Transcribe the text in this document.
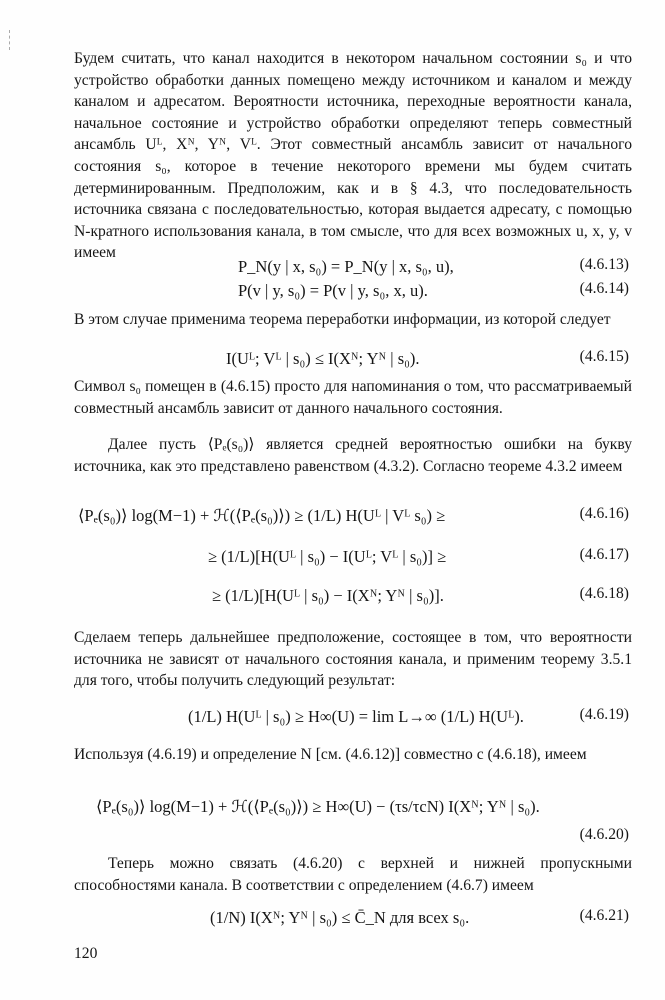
Будем считать, что канал находится в некотором начальном состоянии s₀ и что устройство обработки данных помещено между источником и каналом и между каналом и адресатом. Вероятности источника, переходные вероятности канала, начальное состояние и устройство обработки определяют теперь совместный ансамбль Uᴸ, Xᴺ, Yᴺ, Vᴸ. Этот совместный ансамбль зависит от начального состояния s₀, которое в течение некоторого времени мы будем считать детерминированным. Предположим, как и в § 4.3, что последовательность источника связана с последовательностью, которая выдается адресату, с помощью N-кратного использования канала, в том смысле, что для всех возможных u, x, y, v имеем

P_N(y | x, s₀) = P_N(y | x, s₀, u),	(4.6.13)
P(v | y, s₀) = P(v | y, s₀, x, u).	(4.6.14)

В этом случае применима теорема переработки информации, из которой следует

I(Uᴸ; Vᴸ | s₀) ≤ I(Xᴺ; Yᴺ | s₀).	(4.6.15)

Символ s₀ помещен в (4.6.15) просто для напоминания о том, что рассматриваемый совместный ансамбль зависит от данного начального состояния.

Далее пусть ⟨Pₑ(s₀)⟩ является средней вероятностью ошибки на букву источника, как это представлено равенством (4.3.2). Согласно теореме 4.3.2 имеем

⟨Pₑ(s₀)⟩ log(M−1) + ℋ(⟨Pₑ(s₀)⟩) ≥ (1/L) H(Uᴸ | Vᴸ s₀) ≥	(4.6.16)
≥ (1/L)[H(Uᴸ | s₀) − I(Uᴸ; Vᴸ | s₀)] ≥	(4.6.17)
≥ (1/L)[H(Uᴸ | s₀) − I(Xᴺ; Yᴺ | s₀)].	(4.6.18)

Сделаем теперь дальнейшее предположение, состоящее в том, что вероятности источника не зависят от начального состояния канала, и применим теорему 3.5.1 для того, чтобы получить следующий результат:

(1/L) H(Uᴸ | s₀) ≥ H∞(U) = lim L→∞ (1/L) H(Uᴸ).	(4.6.19)

Используя (4.6.19) и определение N [см. (4.6.12)] совместно с (4.6.18), имеем

⟨Pₑ(s₀)⟩ log(M−1) + ℋ(⟨Pₑ(s₀)⟩) ≥ H∞(U) − (τs/τcN) I(Xᴺ; Yᴺ | s₀).
(4.6.20)

Теперь можно связать (4.6.20) с верхней и нижней пропускными способностями канала. В соответствии с определением (4.6.7) имеем

(1/N) I(Xᴺ; Yᴺ | s₀) ≤ C̄_N для всех s₀.	(4.6.21)
120
